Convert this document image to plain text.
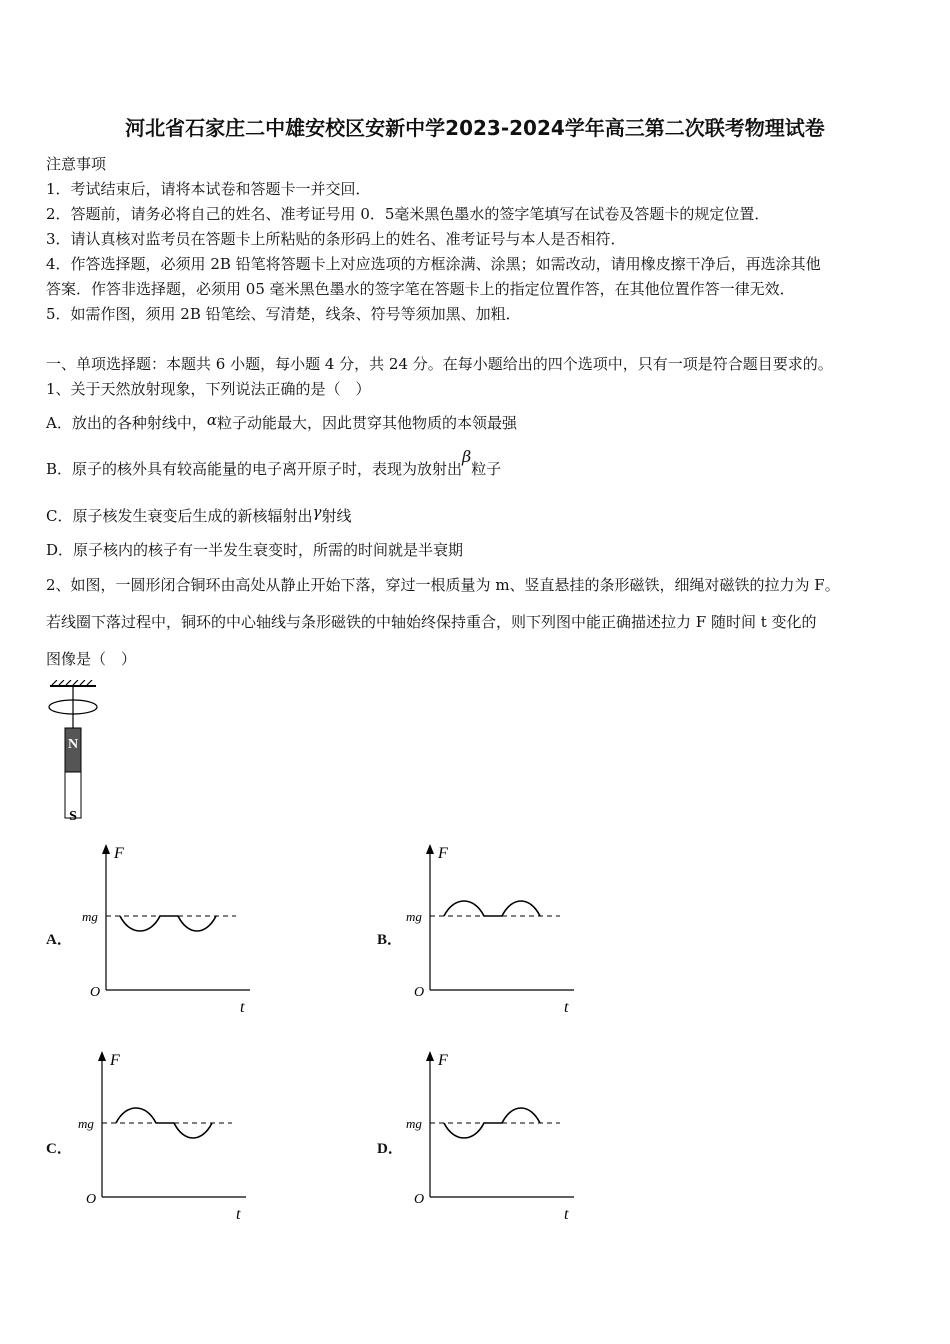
河北省石家庄二中雄安校区安新中学2023-2024学年高三第二次联考物理试卷
注意事项
1．考试结束后，请将本试卷和答题卡一并交回．
2．答题前，请务必将自己的姓名、准考证号用 0．5毫米黑色墨水的签字笔填写在试卷及答题卡的规定位置．
3．请认真核对监考员在答题卡上所粘贴的条形码上的姓名、准考证号与本人是否相符．
4．作答选择题，必须用 2B 铅笔将答题卡上对应选项的方框涂满、涂黑；如需改动，请用橡皮擦干净后，再选涂其他
答案．作答非选择题，必须用 05 毫米黑色墨水的签字笔在答题卡上的指定位置作答，在其他位置作答一律无效．
5．如需作图，须用 2B 铅笔绘、写清楚，线条、符号等须加黑、加粗．
一、单项选择题：本题共 6 小题，每小题 4 分，共 24 分。在每小题给出的四个选项中，只有一项是符合题目要求的。
1、关于天然放射现象，下列说法正确的是（　）
A．放出的各种射线中，α粒子动能最大，因此贯穿其他物质的本领最强
B．原子的核外具有较高能量的电子离开原子时，表现为放射出β粒子
C．原子核发生衰变后生成的新核辐射出γ射线
D．原子核内的核子有一半发生衰变时，所需的时间就是半衰期
2、如图，一圆形闭合铜环由高处从静止开始下落，穿过一根质量为 m、竖直悬挂的条形磁铁，细绳对磁铁的拉力为 F。
若线圈下落过程中，铜环的中心轴线与条形磁铁的中轴始终保持重合，则下列图中能正确描述拉力 F 随时间 t 变化的
图像是（　）
N
S
A．
F
t
O
mg
B．
F
t
O
mg
C．
F
t
O
mg
D．
F
t
O
mg
